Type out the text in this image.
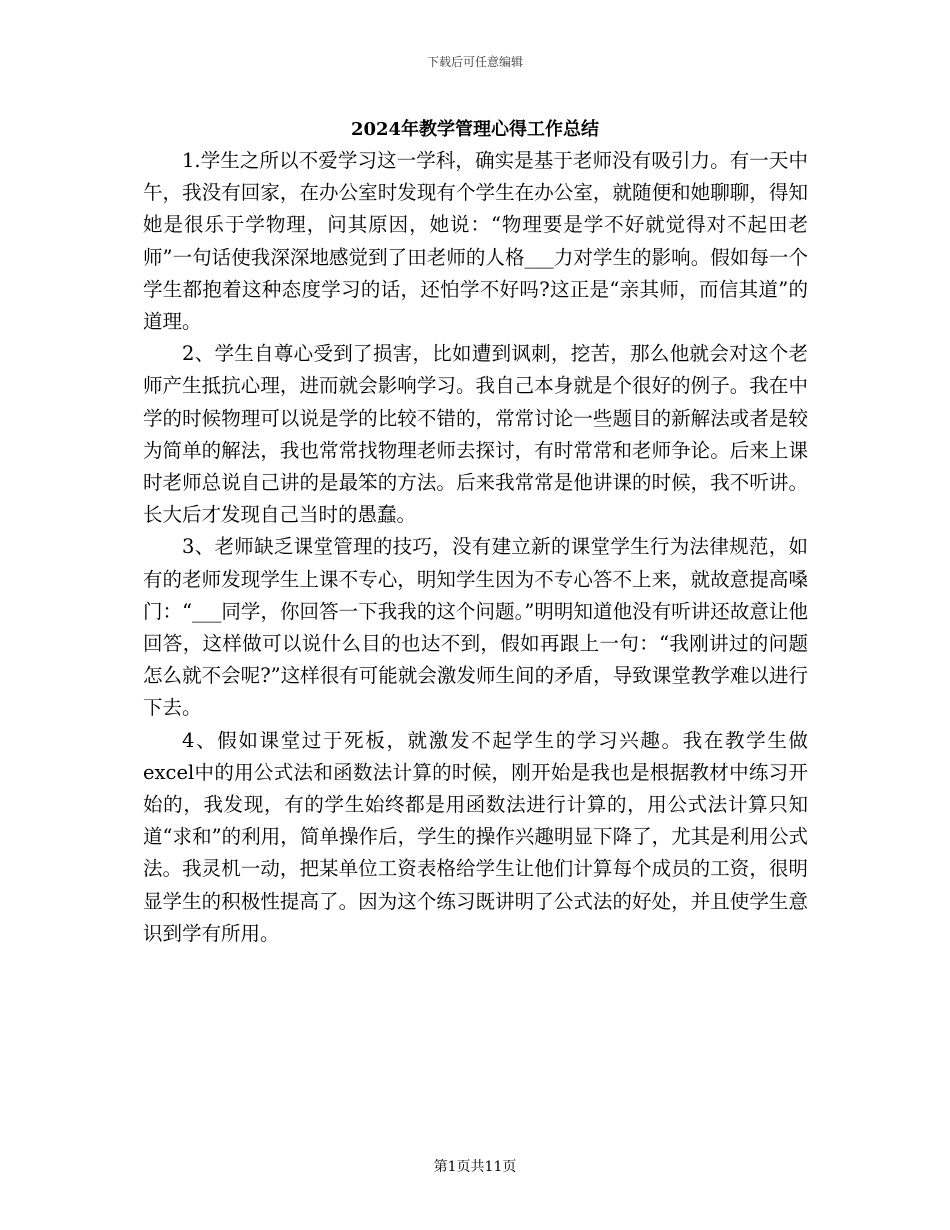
下载后可任意编辑
2024年教学管理心得工作总结

1.学生之所以不爱学习这一学科，确实是基于老师没有吸引力。有一天中午，我没有回家，在办公室时发现有个学生在办公室，就随便和她聊聊，得知她是很乐于学物理，问其原因，她说：“物理要是学不好就觉得对不起田老师”一句话使我深深地感觉到了田老师的人格___力对学生的影响。假如每一个学生都抱着这种态度学习的话，还怕学不好吗?这正是“亲其师，而信其道”的道理。

2、学生自尊心受到了损害，比如遭到讽刺，挖苦，那么他就会对这个老师产生抵抗心理，进而就会影响学习。我自己本身就是个很好的例子。我在中学的时候物理可以说是学的比较不错的，常常讨论一些题目的新解法或者是较为简单的解法，我也常常找物理老师去探讨，有时常常和老师争论。后来上课时老师总说自己讲的是最笨的方法。后来我常常是他讲课的时候，我不听讲。长大后才发现自己当时的愚蠢。

3、老师缺乏课堂管理的技巧，没有建立新的课堂学生行为法律规范，如有的老师发现学生上课不专心，明知学生因为不专心答不上来，就故意提高嗓门：“___同学，你回答一下我我的这个问题。”明明知道他没有听讲还故意让他回答，这样做可以说什么目的也达不到，假如再跟上一句：“我刚讲过的问题怎么就不会呢?”这样很有可能就会激发师生间的矛盾，导致课堂教学难以进行下去。

4、假如课堂过于死板，就激发不起学生的学习兴趣。我在教学生做excel中的用公式法和函数法计算的时候，刚开始是我也是根据教材中练习开始的，我发现，有的学生始终都是用函数法进行计算的，用公式法计算只知道“求和”的利用，简单操作后，学生的操作兴趣明显下降了，尤其是利用公式法。我灵机一动，把某单位工资表格给学生让他们计算每个成员的工资，很明显学生的积极性提高了。因为这个练习既讲明了公式法的好处，并且使学生意识到学有所用。

第1页共11页
